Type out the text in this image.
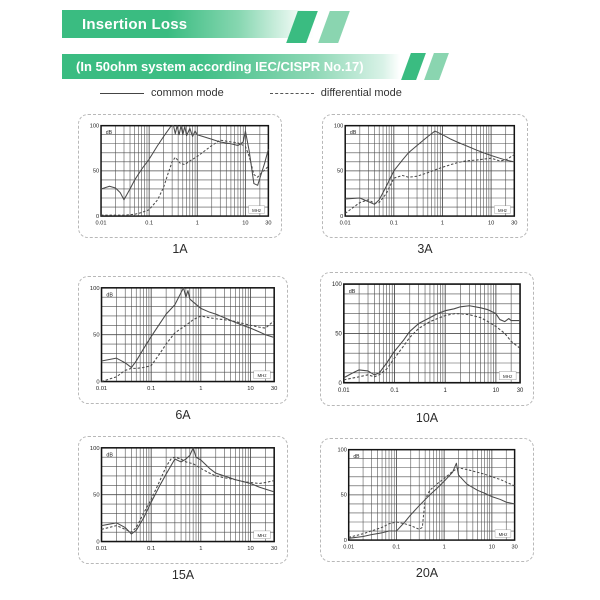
Insertion Loss
(In 50ohm system according IEC/CISPR No.17)
common mode	differential mode
100
50
0
0.01	0.1	1	10	30
dB
MHz
1A
100
50
0
0.01	0.1	1	10	30
dB
MHz
3A
100
50
0
0.01	0.1	1	10	30
dB
MHz
6A
100
50
0
0.01	0.1	1	10	30
dB
MHz
10A
100
50
0
0.01	0.1	1	10	30
dB
MHz
15A
100
50
0
0.01	0.1	1	10	30
dB
MHz
20A
